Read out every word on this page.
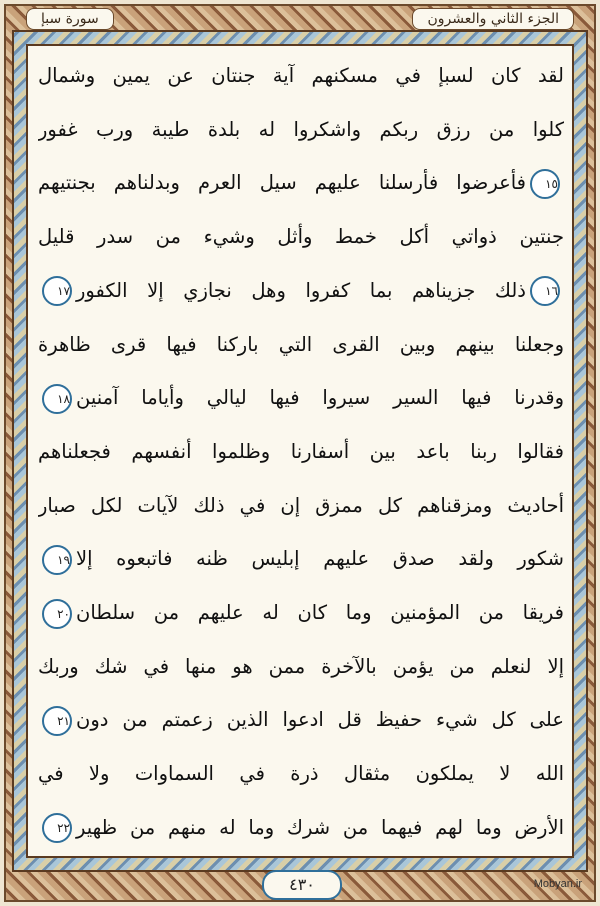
سورة سبإ	الجزء الثاني والعشرون
لقد كان لسبإ في مسكنهم آية جنتان عن يمين وشمال
كلوا من رزق ربكم واشكروا له بلدة طيبة ورب غفور
١٥فأعرضوا فأرسلنا عليهم سيل العرم وبدلناهم بجنتيهم
جنتين ذواتي أكل خمط وأثل وشيء من سدر قليل
١٦ذلك جزيناهم بما كفروا وهل نجازي إلا الكفور١٧
وجعلنا بينهم وبين القرى التي باركنا فيها قرى ظاهرة
وقدرنا فيها السير سيروا فيها ليالي وأياما آمنين١٨
فقالوا ربنا باعد بين أسفارنا وظلموا أنفسهم فجعلناهم
أحاديث ومزقناهم كل ممزق إن في ذلك لآيات لكل صبار
شكور ولقد صدق عليهم إبليس ظنه فاتبعوه إلا١٩
فريقا من المؤمنين وما كان له عليهم من سلطان٢٠
إلا لنعلم من يؤمن بالآخرة ممن هو منها في شك وربك
على كل شيء حفيظ قل ادعوا الذين زعمتم من دون٢١
الله لا يملكون مثقال ذرة في السماوات ولا في
الأرض وما لهم فيهما من شرك وما له منهم من ظهير٢٢
٤٣٠	Mobyan.ir
